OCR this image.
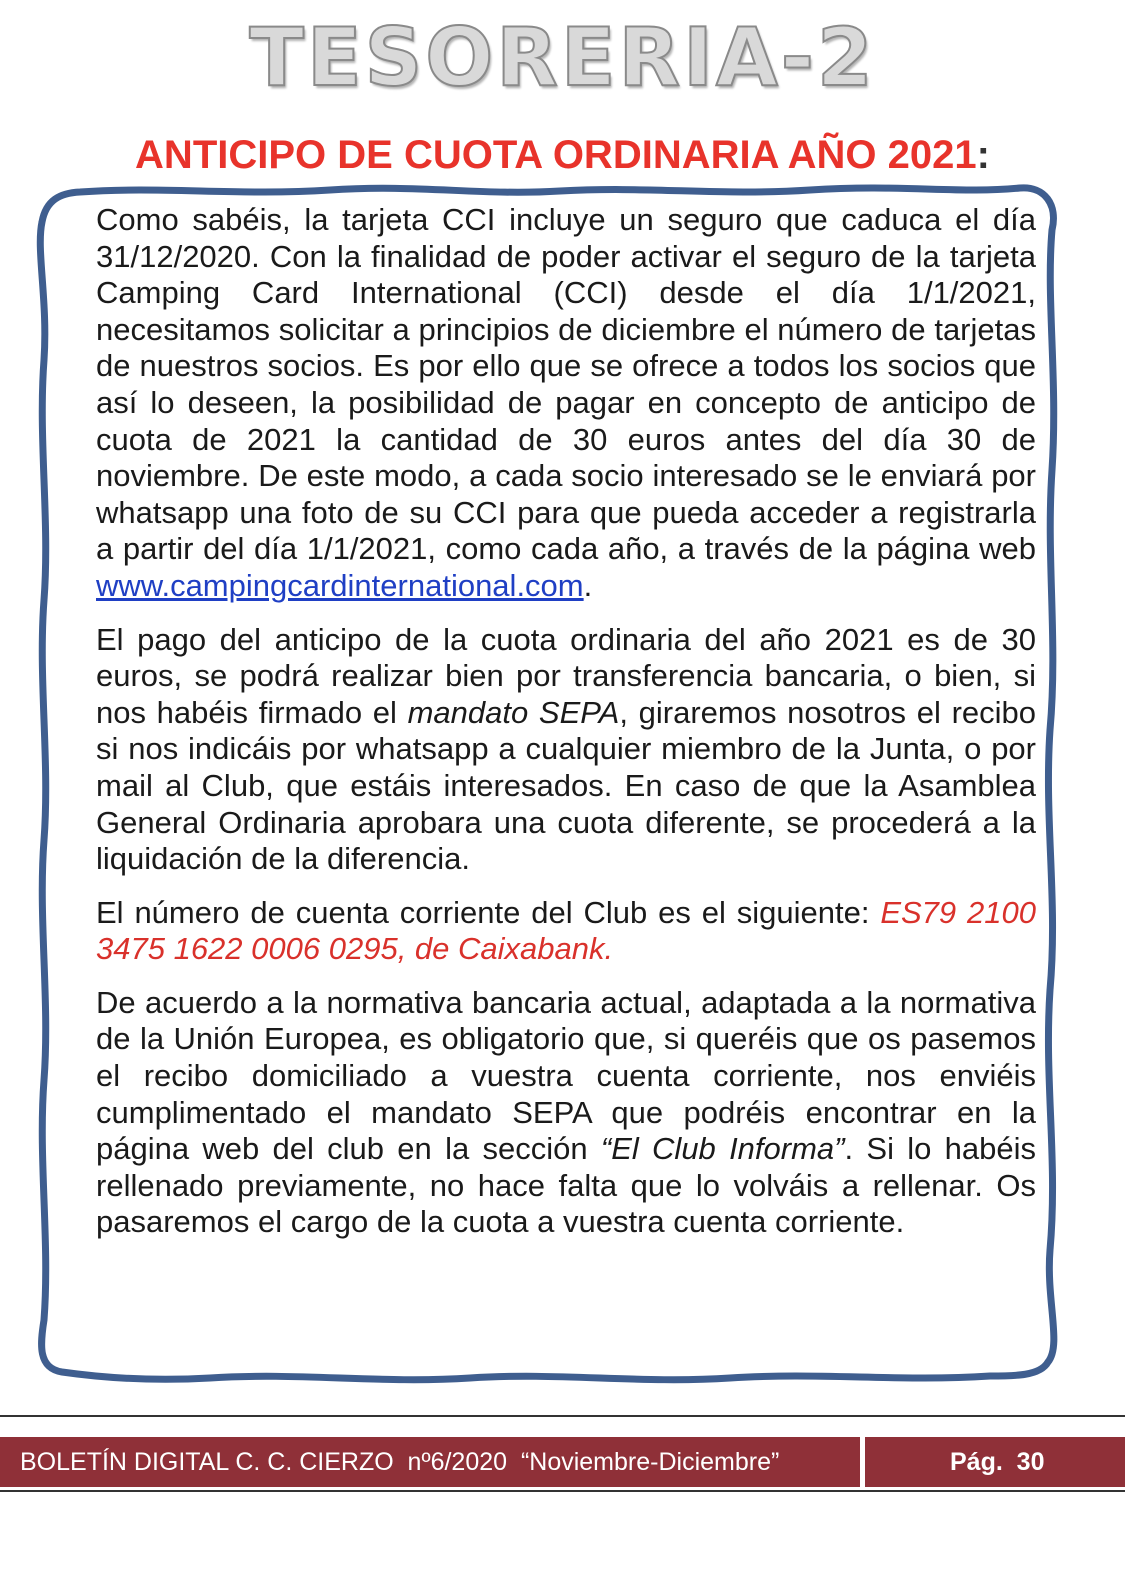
TESORERIA-2
ANTICIPO DE CUOTA ORDINARIA AÑO 2021:

Como sabéis, la tarjeta CCI incluye un seguro que caduca el día 31/12/2020. Con la finalidad de poder activar el seguro de la tarjeta Camping Card International (CCI) desde el día 1/1/2021, necesitamos solicitar a principios de diciembre el número de tarjetas de nuestros socios. Es por ello que se ofrece a todos los socios que así lo deseen, la posibilidad de pagar en concepto de anticipo de cuota de 2021 la cantidad de 30 euros antes del día 30 de noviembre. De este modo, a cada socio interesado se le enviará por whatsapp una foto de su CCI para que pueda acceder a registrarla a partir del día 1/1/2021, como cada año, a través de la página web www.campingcardinternational.com.

El pago del anticipo de la cuota ordinaria del año 2021 es de 30 euros, se podrá realizar bien por transferencia bancaria, o bien, si nos habéis firmado el mandato SEPA, giraremos nosotros el recibo si nos indicáis por whatsapp a cualquier miembro de la Junta, o por mail al Club, que estáis interesados. En caso de que la Asamblea General Ordinaria aprobara una cuota diferente, se procederá a la liquidación de la diferencia.

El número de cuenta corriente del Club es el siguiente: ES79 2100 3475 1622 0006 0295, de Caixabank.

De acuerdo a la normativa bancaria actual, adaptada a la normativa de la Unión Europea, es obligatorio que, si queréis que os pasemos el recibo domiciliado a vuestra cuenta corriente, nos enviéis cumplimentado el mandato SEPA que podréis encontrar en la página web del club en la sección “El Club Informa”. Si lo habéis rellenado previamente, no hace falta que lo volváis a rellenar. Os pasaremos el cargo de la cuota a vuestra cuenta corriente.

BOLETÍN DIGITAL C. C. CIERZO  nº6/2020  “Noviembre-Diciembre”	Pág.  30
